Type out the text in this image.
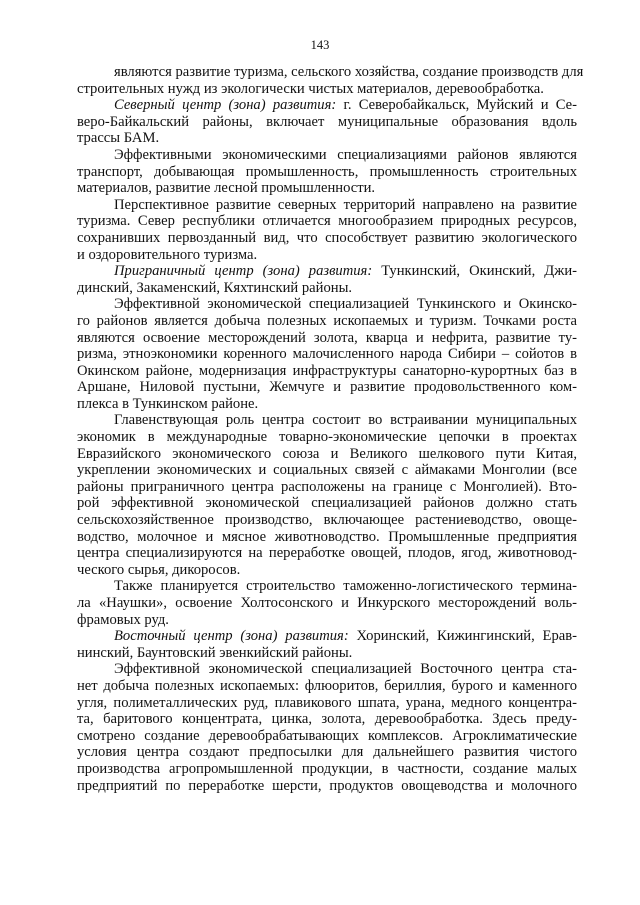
143
являются развитие туризма, сельского хозяйства, создание производств для
строительных нужд из экологически чистых материалов, деревообработка.
Северный центр (зона) развития: г. Северобайкальск, Муйский и Се-
веро-Байкальский районы, включает муниципальные образования вдоль
трассы БАМ.
Эффективными экономическими специализациями районов являются
транспорт, добывающая промышленность, промышленность строительных
материалов, развитие лесной промышленности.
Перспективное развитие северных территорий направлено на развитие
туризма. Север республики отличается многообразием природных ресурсов,
сохранивших первозданный вид, что способствует развитию экологического
и оздоровительного туризма.
Приграничный центр (зона) развития: Тункинский, Окинский, Джи-
динский, Закаменский, Кяхтинский районы.
Эффективной экономической специализацией Тункинского и Окинско-
го районов является добыча полезных ископаемых и туризм. Точками роста
являются освоение месторождений золота, кварца и нефрита, развитие ту-
ризма, этноэкономики коренного малочисленного народа Сибири – сойотов в
Окинском районе, модернизация инфраструктуры санаторно-курортных баз в
Аршане, Ниловой пустыни, Жемчуге и развитие продовольственного ком-
плекса в Тункинском районе.
Главенствующая роль центра состоит во встраивании муниципальных
экономик в международные товарно-экономические цепочки в проектах
Евразийского экономического союза и Великого шелкового пути Китая,
укреплении экономических и социальных связей с аймаками Монголии (все
районы приграничного центра расположены на границе с Монголией). Вто-
рой эффективной экономической специализацией районов должно стать
сельскохозяйственное производство, включающее растениеводство, овоще-
водство, молочное и мясное животноводство. Промышленные предприятия
центра специализируются на переработке овощей, плодов, ягод, животновод-
ческого сырья, дикоросов.
Также планируется строительство таможенно-логистического термина-
ла «Наушки», освоение Холтосонского и Инкурского месторождений воль-
фрамовых руд.
Восточный центр (зона) развития: Хоринский, Кижингинский, Ерав-
нинский, Баунтовский эвенкийский районы.
Эффективной экономической специализацией Восточного центра ста-
нет добыча полезных ископаемых: флюоритов, бериллия, бурого и каменного
угля, полиметаллических руд, плавикового шпата, урана, медного концентра-
та, баритового концентрата, цинка, золота, деревообработка. Здесь преду-
смотрено создание деревообрабатывающих комплексов. Агроклиматические
условия центра создают предпосылки для дальнейшего развития чистого
производства агропромышленной продукции, в частности, создание малых
предприятий по переработке шерсти, продуктов овощеводства и молочного
